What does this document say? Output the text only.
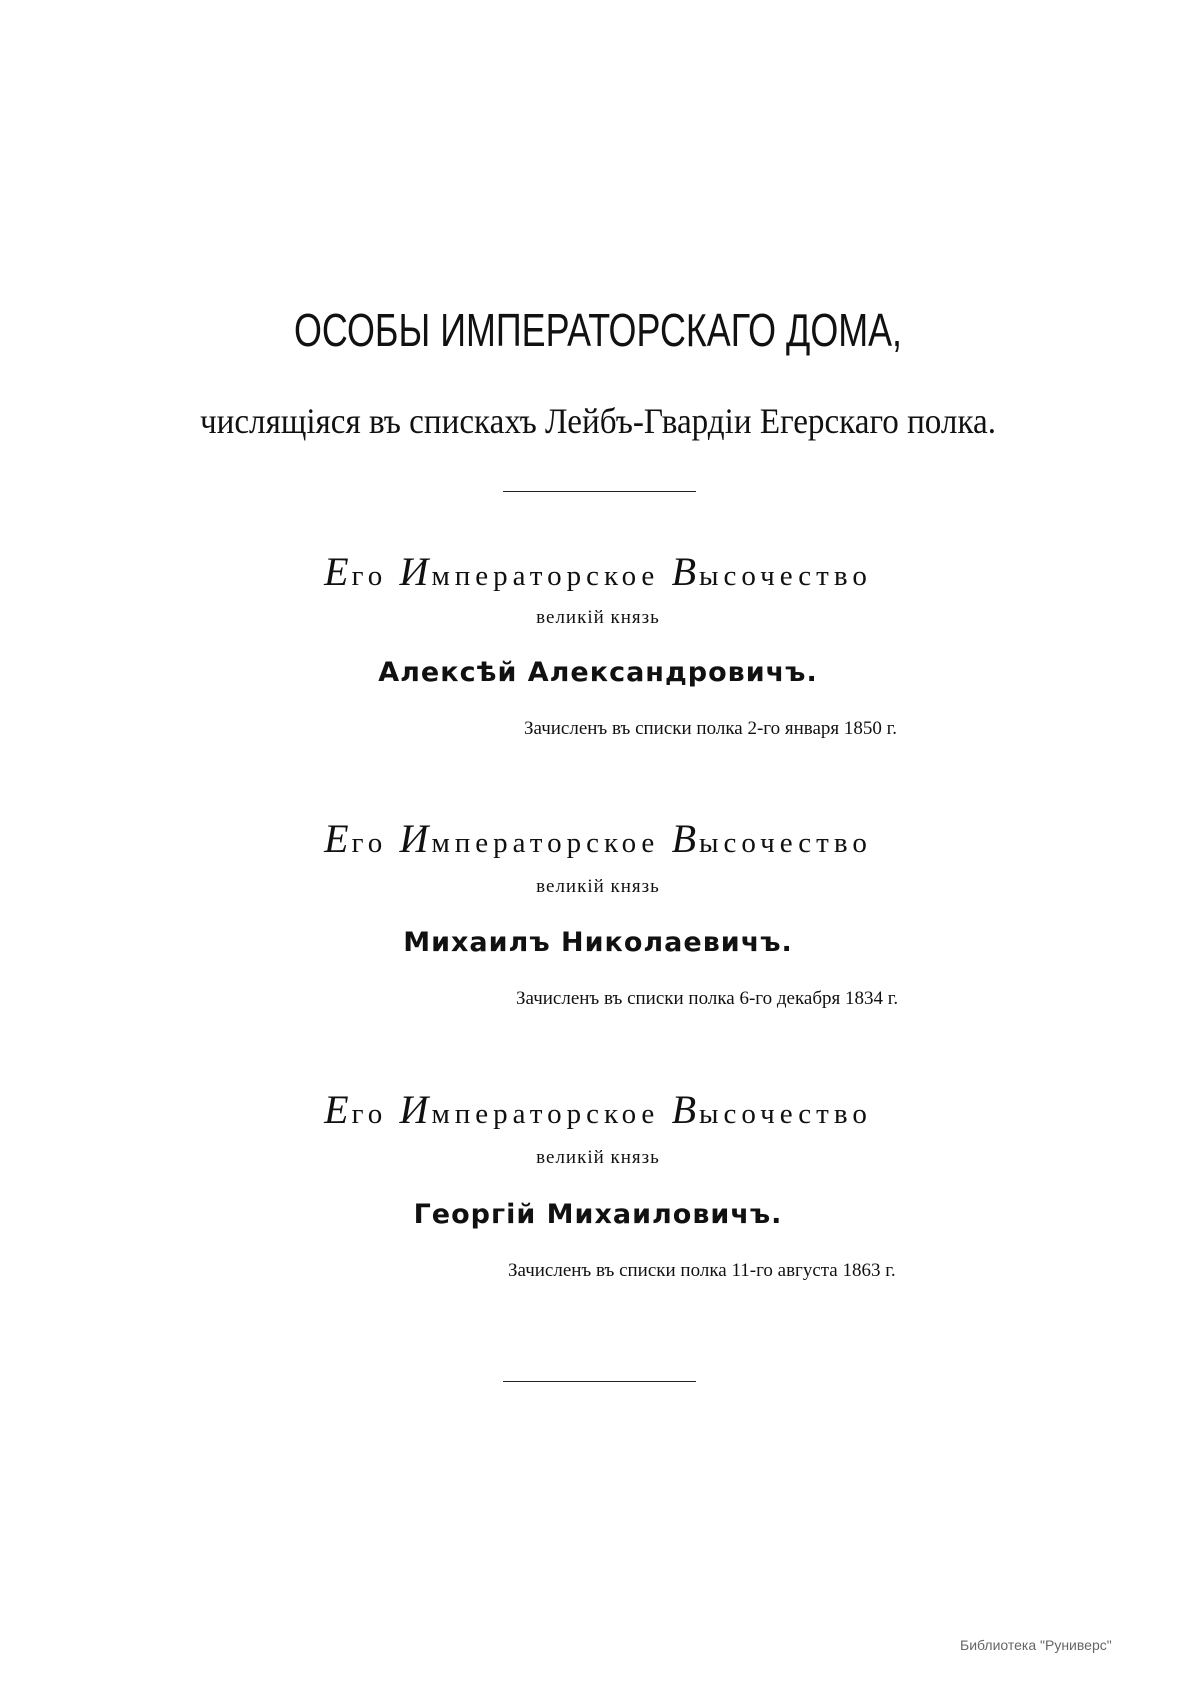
ОСОБЫ ИМПЕРАТОРСКАГО ДОМА,
числящіяся въ спискахъ Лейбъ-Гвардіи Егерскаго полка.
Его Императорское Высочество
великій князь
Алексѣй Александровичъ.
Зачисленъ въ списки полка 2-го января 1850 г.
Его Императорское Высочество
великій князь
Михаилъ Николаевичъ.
Зачисленъ въ списки полка 6-го декабря 1834 г.
Его Императорское Высочество
великій князь
Георгій Михаиловичъ.
Зачисленъ въ списки полка 11-го августа 1863 г.
Библиотека "Руниверс"
